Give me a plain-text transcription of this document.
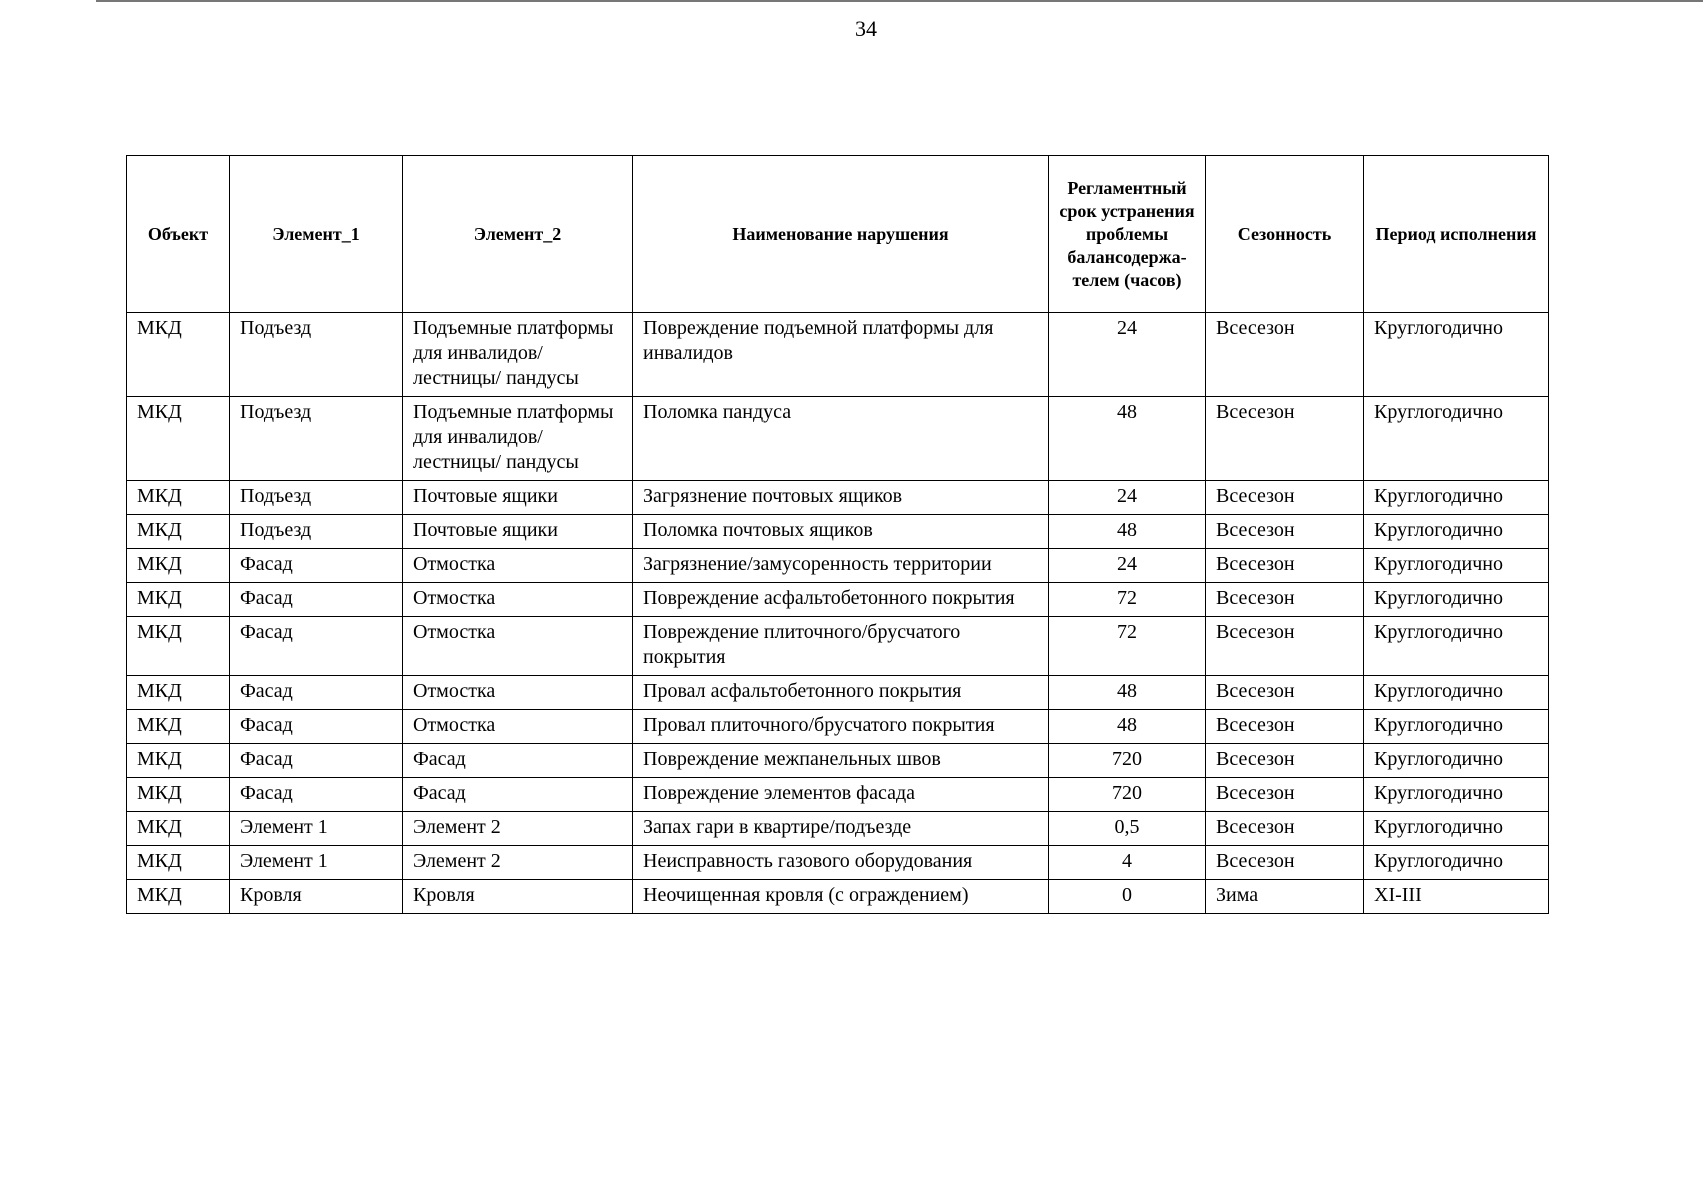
34
Объект	Элемент_1	Элемент_2	Наименование нарушения	Регламентный срок устранения проблемы балансодержа-телем (часов)	Сезонность	Период исполнения
МКД	Подъезд	Подъемные платформы для инвалидов/лестницы/ пандусы	Повреждение подъемной платформы для инвалидов	24	Всесезон	Круглогодично
МКД	Подъезд	Подъемные платформы для инвалидов/лестницы/ пандусы	Поломка пандуса	48	Всесезон	Круглогодично
МКД	Подъезд	Почтовые ящики	Загрязнение почтовых ящиков	24	Всесезон	Круглогодично
МКД	Подъезд	Почтовые ящики	Поломка почтовых ящиков	48	Всесезон	Круглогодично
МКД	Фасад	Отмостка	Загрязнение/замусоренность территории	24	Всесезон	Круглогодично
МКД	Фасад	Отмостка	Повреждение асфальтобетонного покрытия	72	Всесезон	Круглогодично
МКД	Фасад	Отмостка	Повреждение плиточного/брусчатого покрытия	72	Всесезон	Круглогодично
МКД	Фасад	Отмостка	Провал асфальтобетонного покрытия	48	Всесезон	Круглогодично
МКД	Фасад	Отмостка	Провал плиточного/брусчатого покрытия	48	Всесезон	Круглогодично
МКД	Фасад	Фасад	Повреждение межпанельных швов	720	Всесезон	Круглогодично
МКД	Фасад	Фасад	Повреждение элементов фасада	720	Всесезон	Круглогодично
МКД	Элемент 1	Элемент 2	Запах гари в квартире/подъезде	0,5	Всесезон	Круглогодично
МКД	Элемент 1	Элемент 2	Неисправность газового оборудования	4	Всесезон	Круглогодично
МКД	Кровля	Кровля	Неочищенная кровля (с ограждением)	0	Зима	XI-III
